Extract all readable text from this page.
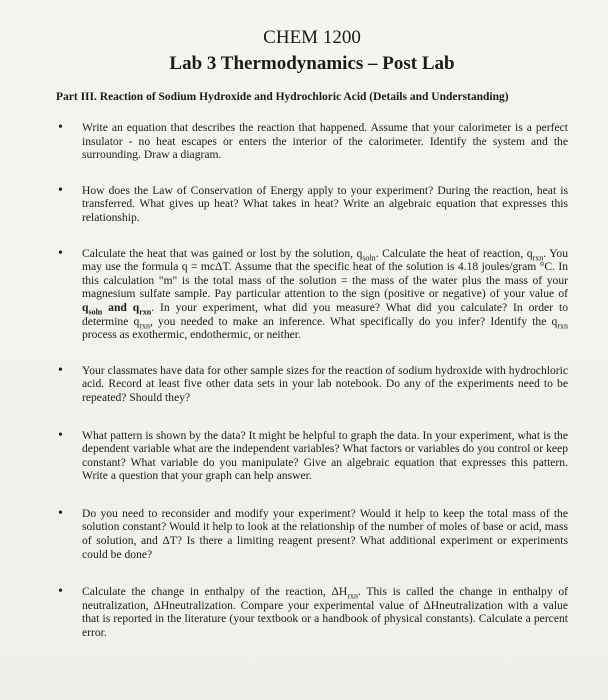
CHEM 1200
Lab 3 Thermodynamics – Post Lab

Part III. Reaction of Sodium Hydroxide and Hydrochloric Acid (Details and Understanding)

• Write an equation that describes the reaction that happened. Assume that your calorimeter is a perfect insulator - no heat escapes or enters the interior of the calorimeter. Identify the system and the surrounding. Draw a diagram.
• How does the Law of Conservation of Energy apply to your experiment? During the reaction, heat is transferred. What gives up heat? What takes in heat? Write an algebraic equation that expresses this relationship.
• Calculate the heat that was gained or lost by the solution, $q_{soln}$. Calculate the heat of reaction, $q_{rxn}$. You may use the formula q = mcΔT. Assume that the specific heat of the solution is 4.18 joules/gram °C. In this calculation "m" is the total mass of the solution = the mass of the water plus the mass of your magnesium sulfate sample. Pay particular attention to the sign (positive or negative) of your value of $q_{soln}$ and $q_{rxn}$. In your experiment, what did you measure? What did you calculate? In order to determine $q_{rxn}$, you needed to make an inference. What specifically do you infer? Identify the $q_{rxn}$ process as exothermic, endothermic, or neither.
• Your classmates have data for other sample sizes for the reaction of sodium hydroxide with hydrochloric acid. Record at least five other data sets in your lab notebook. Do any of the experiments need to be repeated? Should they?
• What pattern is shown by the data? It might be helpful to graph the data. In your experiment, what is the dependent variable what are the independent variables? What factors or variables do you control or keep constant? What variable do you manipulate? Give an algebraic equation that expresses this pattern. Write a question that your graph can help answer.
• Do you need to reconsider and modify your experiment? Would it help to keep the total mass of the solution constant? Would it help to look at the relationship of the number of moles of base or acid, mass of solution, and ΔT? Is there a limiting reagent present? What additional experiment or experiments could be done?
• Calculate the change in enthalpy of the reaction, $\Delta H_{rxn}$. This is called the change in enthalpy of neutralization, ΔHneutralization. Compare your experimental value of ΔHneutralization with a value that is reported in the literature (your textbook or a handbook of physical constants). Calculate a percent error.
